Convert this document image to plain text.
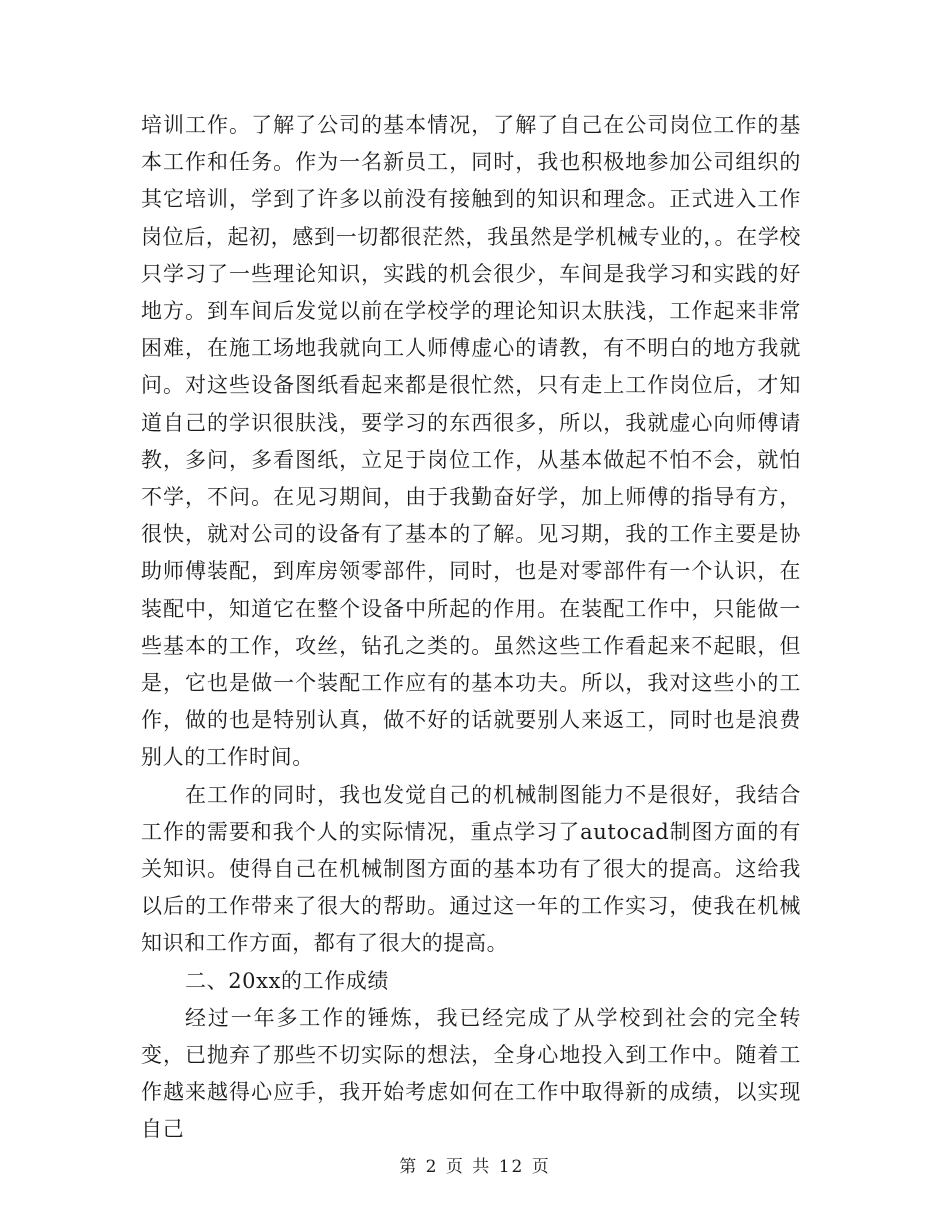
培训工作。了解了公司的基本情况，了解了自己在公司岗位工作的基本工作和任务。作为一名新员工，同时，我也积极地参加公司组织的其它培训，学到了许多以前没有接触到的知识和理念。正式进入工作岗位后，起初，感到一切都很茫然，我虽然是学机械专业的，。在学校只学习了一些理论知识，实践的机会很少，车间是我学习和实践的好地方。到车间后发觉以前在学校学的理论知识太肤浅，工作起来非常困难，在施工场地我就向工人师傅虚心的请教，有不明白的地方我就问。对这些设备图纸看起来都是很忙然，只有走上工作岗位后，才知道自己的学识很肤浅，要学习的东西很多，所以，我就虚心向师傅请教，多问，多看图纸，立足于岗位工作，从基本做起不怕不会，就怕不学，不问。在见习期间，由于我勤奋好学，加上师傅的指导有方，很快，就对公司的设备有了基本的了解。见习期，我的工作主要是协助师傅装配，到库房领零部件，同时，也是对零部件有一个认识，在装配中，知道它在整个设备中所起的作用。在装配工作中，只能做一些基本的工作，攻丝，钻孔之类的。虽然这些工作看起来不起眼，但是，它也是做一个装配工作应有的基本功夫。所以，我对这些小的工作，做的也是特别认真，做不好的话就要别人来返工，同时也是浪费别人的工作时间。

在工作的同时，我也发觉自己的机械制图能力不是很好，我结合工作的需要和我个人的实际情况，重点学习了autocad制图方面的有关知识。使得自己在机械制图方面的基本功有了很大的提高。这给我以后的工作带来了很大的帮助。通过这一年的工作实习，使我在机械知识和工作方面，都有了很大的提高。

二、20xx的工作成绩

经过一年多工作的锤炼，我已经完成了从学校到社会的完全转变，已抛弃了那些不切实际的想法，全身心地投入到工作中。随着工作越来越得心应手，我开始考虑如何在工作中取得新的成绩，以实现自己

第 2 页 共 12 页
